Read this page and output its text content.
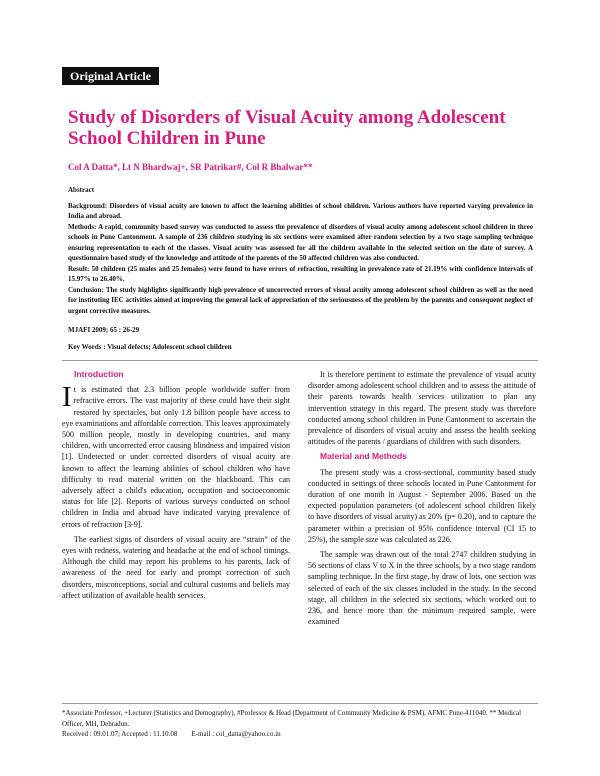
Original Article
Study of Disorders of Visual Acuity among Adolescent School Children in Pune

Col A Datta*, Lt N Bhardwaj+, SR Patrikar#, Col R Bhalwar**

Abstract

Background: Disorders of visual acuity are known to affect the learning abilities of school children. Various authors have reported varying prevalence in India and abroad.

Methods: A rapid, community based survey was conducted to assess the prevalence of disorders of visual acuity among adolescent school children in three schools in Pune Cantonment. A sample of 236 children studying in six sections were examined after random selection by a two stage sampling technique ensuring representation to each of the classes. Visual acuity was assessed for all the children available in the selected section on the date of survey. A questionnaire based study of the knowledge and attitude of the parents of the 50 affected children was also conducted.

Result: 50 children (25 males and 25 females) were found to have errors of refraction, resulting in prevalence rate of 21.19% with confidence intervals of 15.97% to 26.40%.

Conclusion: The study highlights significantly high prevalence of uncorrected errors of visual acuity among adolescent school children as well as the need for instituting IEC activities aimed at improving the general lack of appreciation of the seriousness of the problem by the parents and consequent neglect of urgent corrective measures.

MJAFI 2009; 65 : 26-29

Key Words : Visual defects; Adolescent school children

Introduction

It is estimated that 2.3 billion people worldwide suffer from refractive errors. The vast majority of these could have their sight restored by spectacles, but only 1.8 billion people have access to eye examinations and affordable correction. This leaves approximately 500 million people, mostly in developing countries, and many children, with uncorrected error causing blindness and impaired vision [1]. Undetected or under corrected disorders of visual acuity are known to affect the learning abilities of school children who have difficulty to read material written on the blackboard. This can adversely affect a child's education, occupation and socioeconomic status for life [2]. Reports of various surveys conducted on school children in India and abroad have indicated varying prevalence of errors of refraction [3-9].

The earliest signs of disorders of visual acuity are “strain” of the eyes with redness, watering and headache at the end of school timings. Although the child may report his problems to his parents, lack of awareness of the need for early and prompt correction of such disorders, misconceptions, social and cultural customs and beliefs may affect utilization of available health services.

It is therefore pertinent to estimate the prevalence of visual acuity disorder among adolescent school children and to assess the attitude of their parents towards health services utilization to plan any intervention strategy in this regard. The present study was therefore conducted among school children in Pune Cantonment to ascertain the prevalence of disorders of visual acuity and assess the health seeking attitudes of the parents / guardians of children with such disorders.

Material and Methods

The present study was a cross-sectional, community based study conducted in settings of three schools located in Pune Cantonment for duration of one month in August - September 2006. Based on the expected population parameters (of adolescent school children likely to have disorders of visual acuity) as 20% (p= 0.20), and to capture the parameter within a precision of 95% confidence interval (CI 15 to 25%), the sample size was calculated as 226.

The sample was drawn out of the total 2747 children studying in 56 sections of class V to X in the three schools, by a two stage random sampling technique. In the first stage, by draw of lots, one section was selected of each of the six classes included in the study. In the second stage, all children in the selected six sections, which worked out to 236, and hence more than the minimum required sample, were examined

*Associate Professor, +Lecturer (Statistics and Demography), #Professor & Head (Department of Community Medicine & PSM), AFMC Pune-411040. ** Medical Officer, MH, Dehradun.

Received : 09.01.07; Accepted : 11.10.08 E-mail : col_datta@yahoo.co.in
